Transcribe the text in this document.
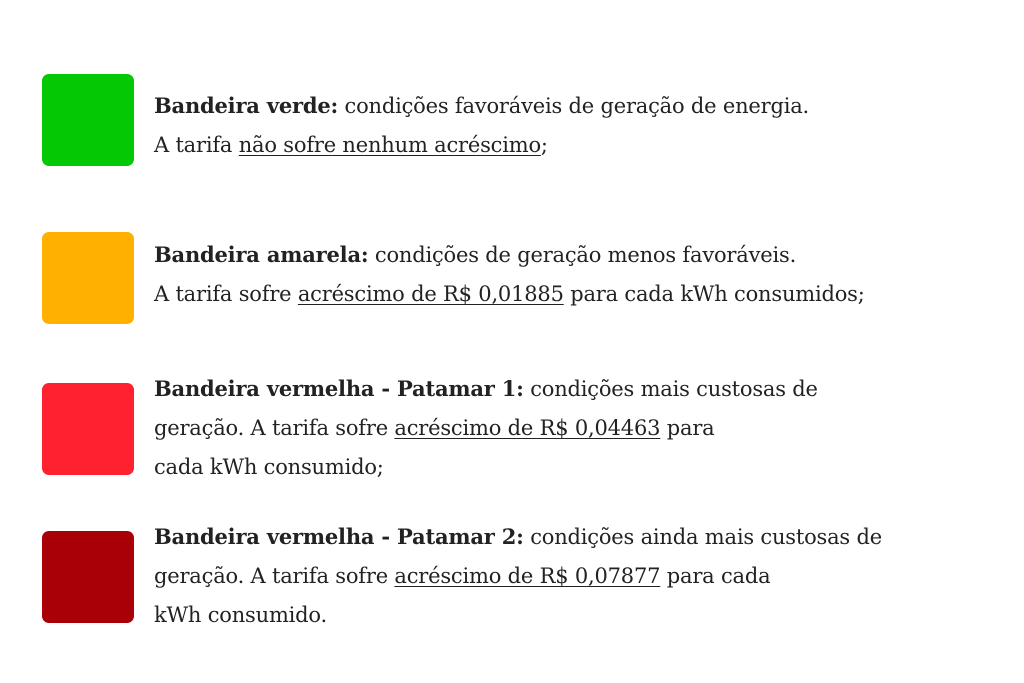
Bandeira verde: condições favoráveis de geração de energia.
A tarifa não sofre nenhum acréscimo;
Bandeira amarela: condições de geração menos favoráveis.
A tarifa sofre acréscimo de R$ 0,01885 para cada kWh consumidos;
Bandeira vermelha - Patamar 1: condições mais custosas de
geração. A tarifa sofre acréscimo de R$ 0,04463 para
cada kWh consumido;
Bandeira vermelha - Patamar 2: condições ainda mais custosas de
geração. A tarifa sofre acréscimo de R$ 0,07877 para cada
kWh consumido.
